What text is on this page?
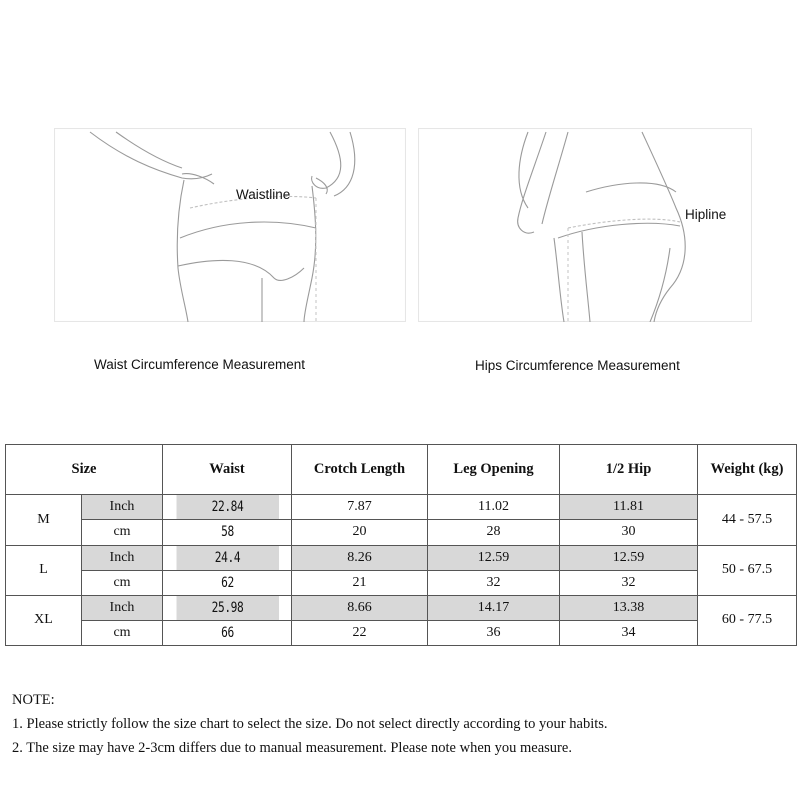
Waistline
Waist Circumference Measurement
Hipline
Hips Circumference Measurement
Size		Waist	Crotch Length	Leg Opening	1/2 Hip	Weight (kg)
M	Inch	22.84	7.87	11.02	11.81	44 - 57.5
	cm	58	20	28	30	
L	Inch	24.4	8.26	12.59	12.59	50 - 67.5
	cm	62	21	32	32	
XL	Inch	25.98	8.66	14.17	13.38	60 - 77.5
	cm	66	22	36	34	
NOTE:
1. Please strictly follow the size chart to select the size. Do not select directly according to your habits.
2. The size may have 2-3cm differs due to manual measurement. Please note when you measure.
